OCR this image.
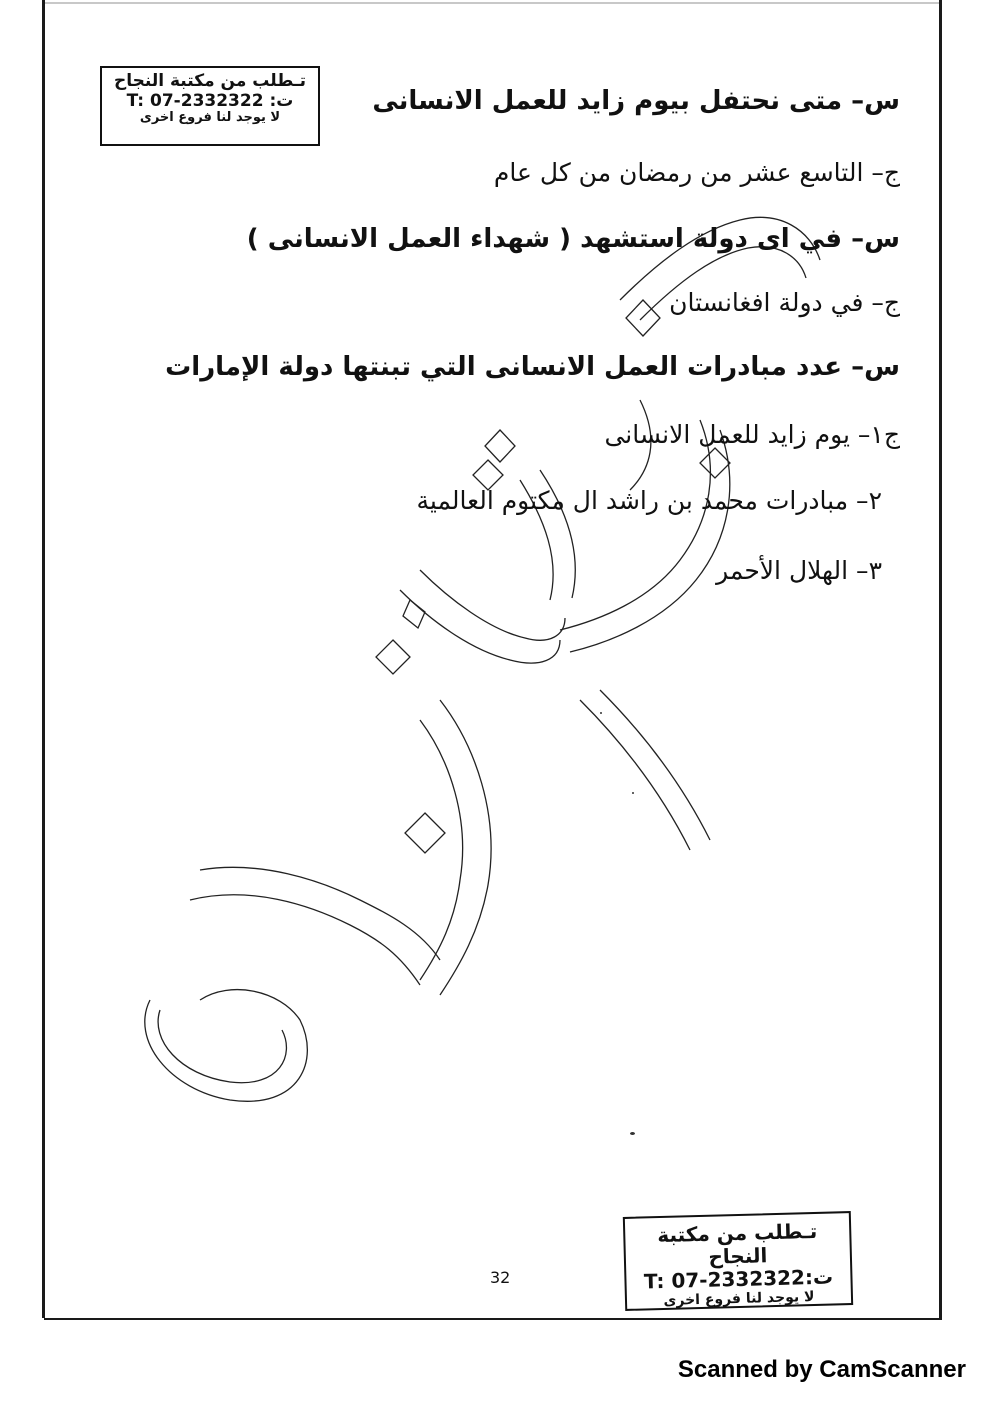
تـطلب من مكتبة النجاح
ت: T: 07-2332322
لا يوجد لنا فروع اخرى
س– متى نحتفل بيوم زايد للعمل الانسانى
ج– التاسع عشر من رمضان من كل عام
س– في اى دولة استشهد ( شهداء العمل الانسانى )
ج– في دولة افغانستان
س– عدد مبادرات العمل الانسانى التي تبنتها دولة الإمارات
ج١– يوم زايد للعمل الانسانى
٢– مبادرات محمد بن راشد ال مكتوم العالمية
٣– الهلال الأحمر
تـطلب من مكتبة النجاح
ت:T: 07-2332322
لا يوجد لنا فروع اخرى
32
Scanned by CamScanner
